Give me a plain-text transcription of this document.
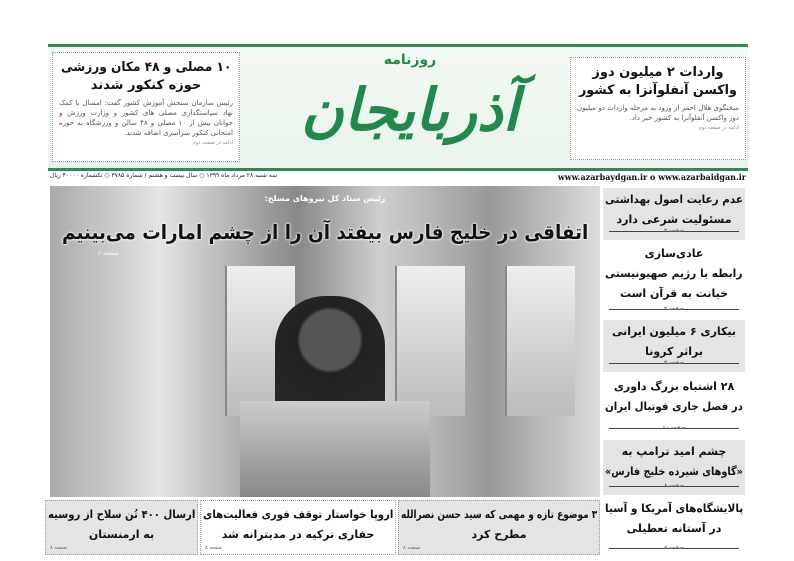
۱۰ مصلی و ۴۸ مکان ورزشی
حوزه کنکور شدند

رئیس سازمان سنجش آموزش کشور گفت: امسال با کمک نهاد سیاستگذاری مصلی های کشور و وزارت ورزش و جوانان بیش از ۱۰ مصلی و ۴۸ سالن و ورزشگاه به حوزه امتحانی کنکور سراسری اضافه شدند.

ادامه در صفحه دوم
واردات ۲ میلیون دوز
واکسن آنفلوآنزا به کشور

سخنگوی هلال احمر از ورود به مرحله واردات دو میلیون دوز واکسن آنفلوآنزا به کشور خبر داد.

ادامه در صفحه دوم
روزنامه
آذربایجان
سه شنبه ۲۸ مرداد ماه ۱۳۹۹ ○ سال بیست و هشتم / شماره ۳۷۸۵ ○ تکشماره ۴۰۰۰۰ ریال	www.azarbaydgan.ir o www.azarbaidgan.ir
رئیس ستاد کل نیروهای مسلح:
اتفاقی در خلیج فارس بیفتد آن را از چشم امارات می‌بینیم
صفحه ۲
عدم رعایت اصول بهداشتی
مسئولیت شرعی دارد
صفحه ۲
عادی‌سازی
رابطه با رژیم صهیونیستی
خیانت به قرآن است
صفحه ۲
بیکاری ۶ میلیون ایرانی
براثر کرونا
صفحه ۲
۲۸ اشتباه بزرگ داوری
در فصل جاری فوتبال ایران
صفحه ۱۰
چشم امید ترامپ به
«گاوهای شیرده خلیج فارس»
صفحه ۸
پالایشگاه‌های آمریکا و آسیا
در آستانه تعطیلی
صفحه ۵
۳ موضوع تازه و مهمی که سید حسن نصرالله
مطرح کرد
صفحه ۸
اروپا خواستار توقف فوری فعالیت‌های
حفاری ترکیه در مدیترانه شد
صفحه ۸
ارسال ۴۰۰ تُن سلاح از روسیه
به ارمنستان
صفحه ۸
